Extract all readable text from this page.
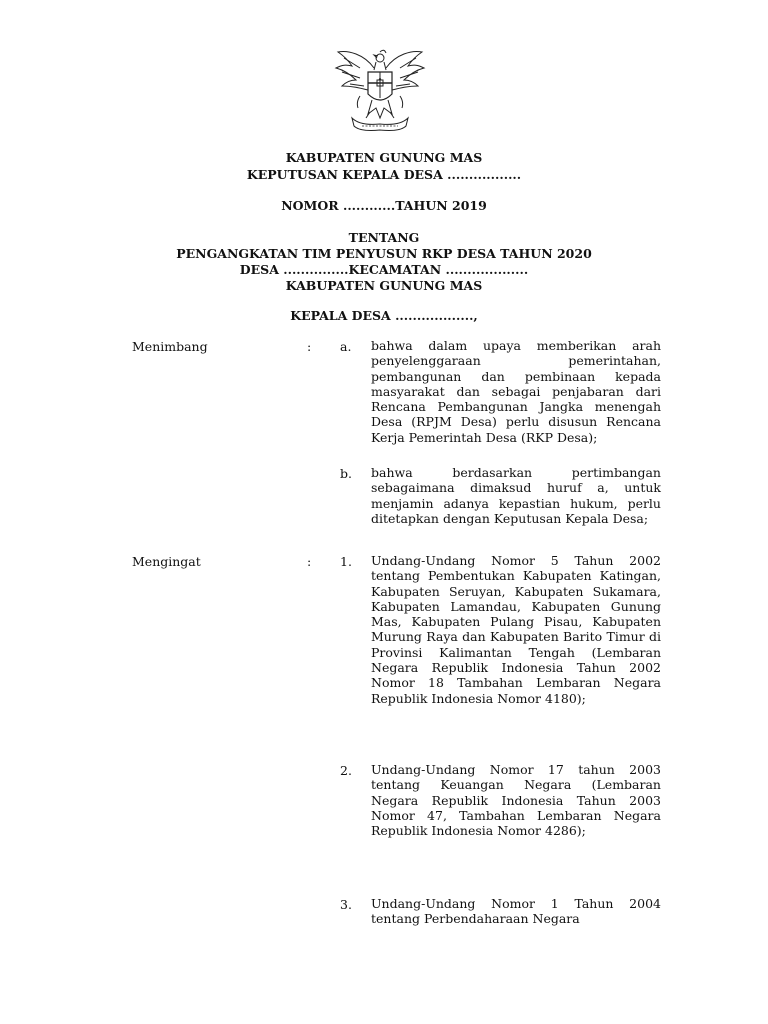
KABUPATEN GUNUNG MAS
KEPUTUSAN KEPALA DESA .................
NOMOR ............TAHUN 2019
TENTANG
PENGANGKATAN TIM PENYUSUN RKP DESA TAHUN 2020
DESA ...............KECAMATAN ...................
KABUPATEN GUNUNG MAS
KEPALA DESA ..................,
Menimbang	: a. bahwa dalam upaya memberikan arah penyelenggaraan pemerintahan, pembangunan dan pembinaan kepada masyarakat dan sebagai penjabaran dari Rencana Pembangunan Jangka menengah Desa (RPJM Desa) perlu disusun Rencana Kerja Pemerintah Desa (RKP Desa);
b. bahwa berdasarkan pertimbangan sebagaimana dimaksud huruf a, untuk menjamin adanya kepastian hukum, perlu ditetapkan dengan Keputusan Kepala Desa;
Mengingat	: 1. Undang-Undang Nomor 5 Tahun 2002 tentang Pembentukan Kabupaten Katingan, Kabupaten Seruyan, Kabupaten Sukamara, Kabupaten Lamandau, Kabupaten Gunung Mas, Kabupaten Pulang Pisau, Kabupaten Murung Raya dan Kabupaten Barito Timur di Provinsi Kalimantan Tengah (Lembaran Negara Republik Indonesia Tahun 2002 Nomor 18 Tambahan Lembaran Negara Republik Indonesia Nomor 4180);
2. Undang-Undang Nomor 17 tahun 2003 tentang Keuangan Negara (Lembaran Negara Republik Indonesia Tahun 2003 Nomor 47, Tambahan Lembaran Negara Republik Indonesia Nomor 4286);
3. Undang-Undang Nomor 1 Tahun 2004 tentang Perbendaharaan Negara
